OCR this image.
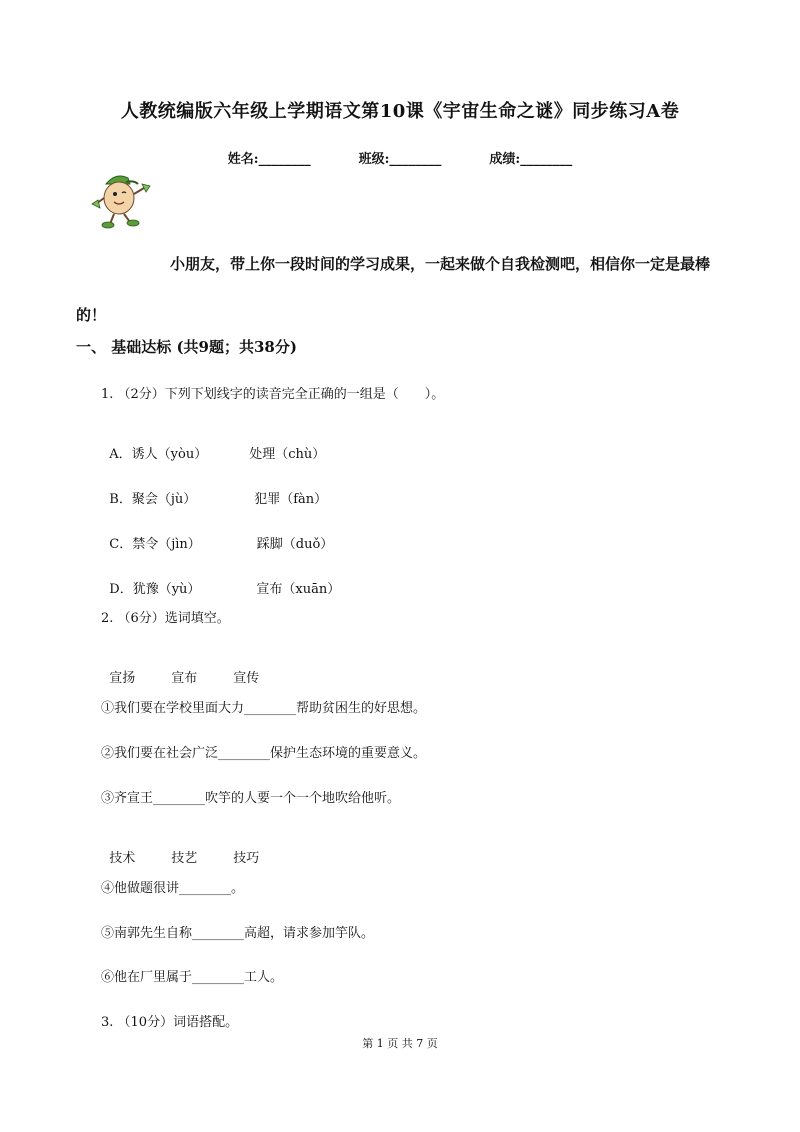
人教统编版六年级上学期语文第10课《宇宙生命之谜》同步练习A卷
姓名:________	班级:________	成绩:________
小朋友，带上你一段时间的学习成果，一起来做个自我检测吧，相信你一定是最棒的！
一、 基础达标 (共9题；共38分)
1. （2分）下列下划线字的读音完全正确的一组是（　　）。

A．诱人（yòu）	处理（chù）

B．聚会（jù）	犯罪（fàn）

C．禁令（jìn）	踩脚（duǒ）

D．犹豫（yù）	宣布（xuān）

2. （6分）选词填空。

宣扬	宣布	宣传

①我们要在学校里面大力________帮助贫困生的好思想。
②我们要在社会广泛________保护生态环境的重要意义。
③齐宣王________吹竽的人要一个一个地吹给他听。

技术	技艺	技巧

④他做题很讲________。
⑤南郭先生自称________高超，请求参加竽队。
⑥他在厂里属于________工人。
3. （10分）词语搭配。
第 1 页 共 7 页
